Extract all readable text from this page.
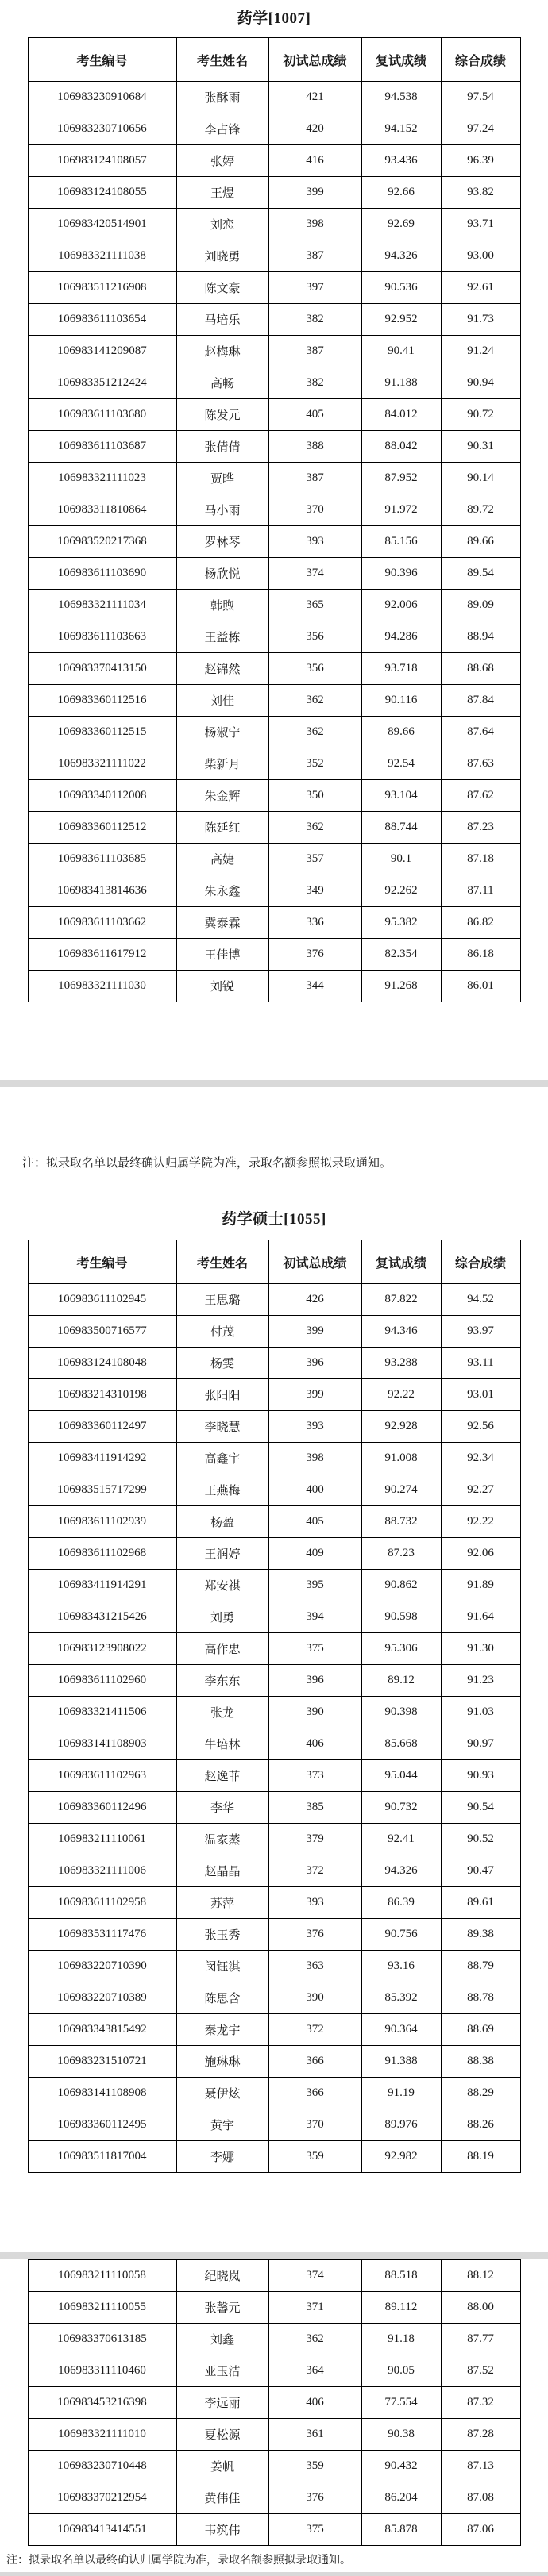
药学[1007]
考生编号	考生姓名	初试总成绩	复试成绩	综合成绩
106983230910684	张酥雨	421	94.538	97.54
106983230710656	李占锋	420	94.152	97.24
106983124108057	张婷	416	93.436	96.39
106983124108055	王煜	399	92.66	93.82
106983420514901	刘恋	398	92.69	93.71
106983321111038	刘晓勇	387	94.326	93.00
106983511216908	陈文豪	397	90.536	92.61
106983611103654	马培乐	382	92.952	91.73
106983141209087	赵梅琳	387	90.41	91.24
106983351212424	高畅	382	91.188	90.94
106983611103680	陈发元	405	84.012	90.72
106983611103687	张倩倩	388	88.042	90.31
106983321111023	贾晔	387	87.952	90.14
106983311810864	马小雨	370	91.972	89.72
106983520217368	罗林琴	393	85.156	89.66
106983611103690	杨欣悦	374	90.396	89.54
106983321111034	韩煦	365	92.006	89.09
106983611103663	王益栋	356	94.286	88.94
106983370413150	赵锦然	356	93.718	88.68
106983360112516	刘佳	362	90.116	87.84
106983360112515	杨淑宁	362	89.66	87.64
106983321111022	柴新月	352	92.54	87.63
106983340112008	朱金辉	350	93.104	87.62
106983360112512	陈延红	362	88.744	87.23
106983611103685	高婕	357	90.1	87.18
106983413814636	朱永鑫	349	92.262	87.11
106983611103662	冀泰霖	336	95.382	86.82
106983611617912	王佳博	376	82.354	86.18
106983321111030	刘锐	344	91.268	86.01
注：拟录取名单以最终确认归属学院为准，录取名额参照拟录取通知。
药学硕士[1055]
考生编号	考生姓名	初试总成绩	复试成绩	综合成绩
106983611102945	王思璐	426	87.822	94.52
106983500716577	付茂	399	94.346	93.97
106983124108048	杨雯	396	93.288	93.11
106983214310198	张阳阳	399	92.22	93.01
106983360112497	李晓慧	393	92.928	92.56
106983411914292	高鑫宇	398	91.008	92.34
106983515717299	王燕梅	400	90.274	92.27
106983611102939	杨盈	405	88.732	92.22
106983611102968	王润婷	409	87.23	92.06
106983411914291	郑安祺	395	90.862	91.89
106983431215426	刘勇	394	90.598	91.64
106983123908022	高作忠	375	95.306	91.30
106983611102960	李东东	396	89.12	91.23
106983321411506	张龙	390	90.398	91.03
106983141108903	牛培林	406	85.668	90.97
106983611102963	赵逸菲	373	95.044	90.93
106983360112496	李华	385	90.732	90.54
106983211110061	温家蒸	379	92.41	90.52
106983321111006	赵晶晶	372	94.326	90.47
106983611102958	苏萍	393	86.39	89.61
106983531117476	张玉秀	376	90.756	89.38
106983220710390	闵钰淇	363	93.16	88.79
106983220710389	陈思含	390	85.392	88.78
106983343815492	秦龙宇	372	90.364	88.69
106983231510721	施琳琳	366	91.388	88.38
106983141108908	聂伊炫	366	91.19	88.29
106983360112495	黄宇	370	89.976	88.26
106983511817004	李娜	359	92.982	88.19
106983211110058	纪晓岚	374	88.518	88.12
106983211110055	张馨元	371	89.112	88.00
106983370613185	刘鑫	362	91.18	87.77
106983311110460	亚玉洁	364	90.05	87.52
106983453216398	李远丽	406	77.554	87.32
106983321111010	夏松源	361	90.38	87.28
106983230710448	姜帆	359	90.432	87.13
106983370212954	黄伟佳	376	86.204	87.08
106983413414551	韦筑伟	375	85.878	87.06
注：拟录取名单以最终确认归属学院为准，录取名额参照拟录取通知。
